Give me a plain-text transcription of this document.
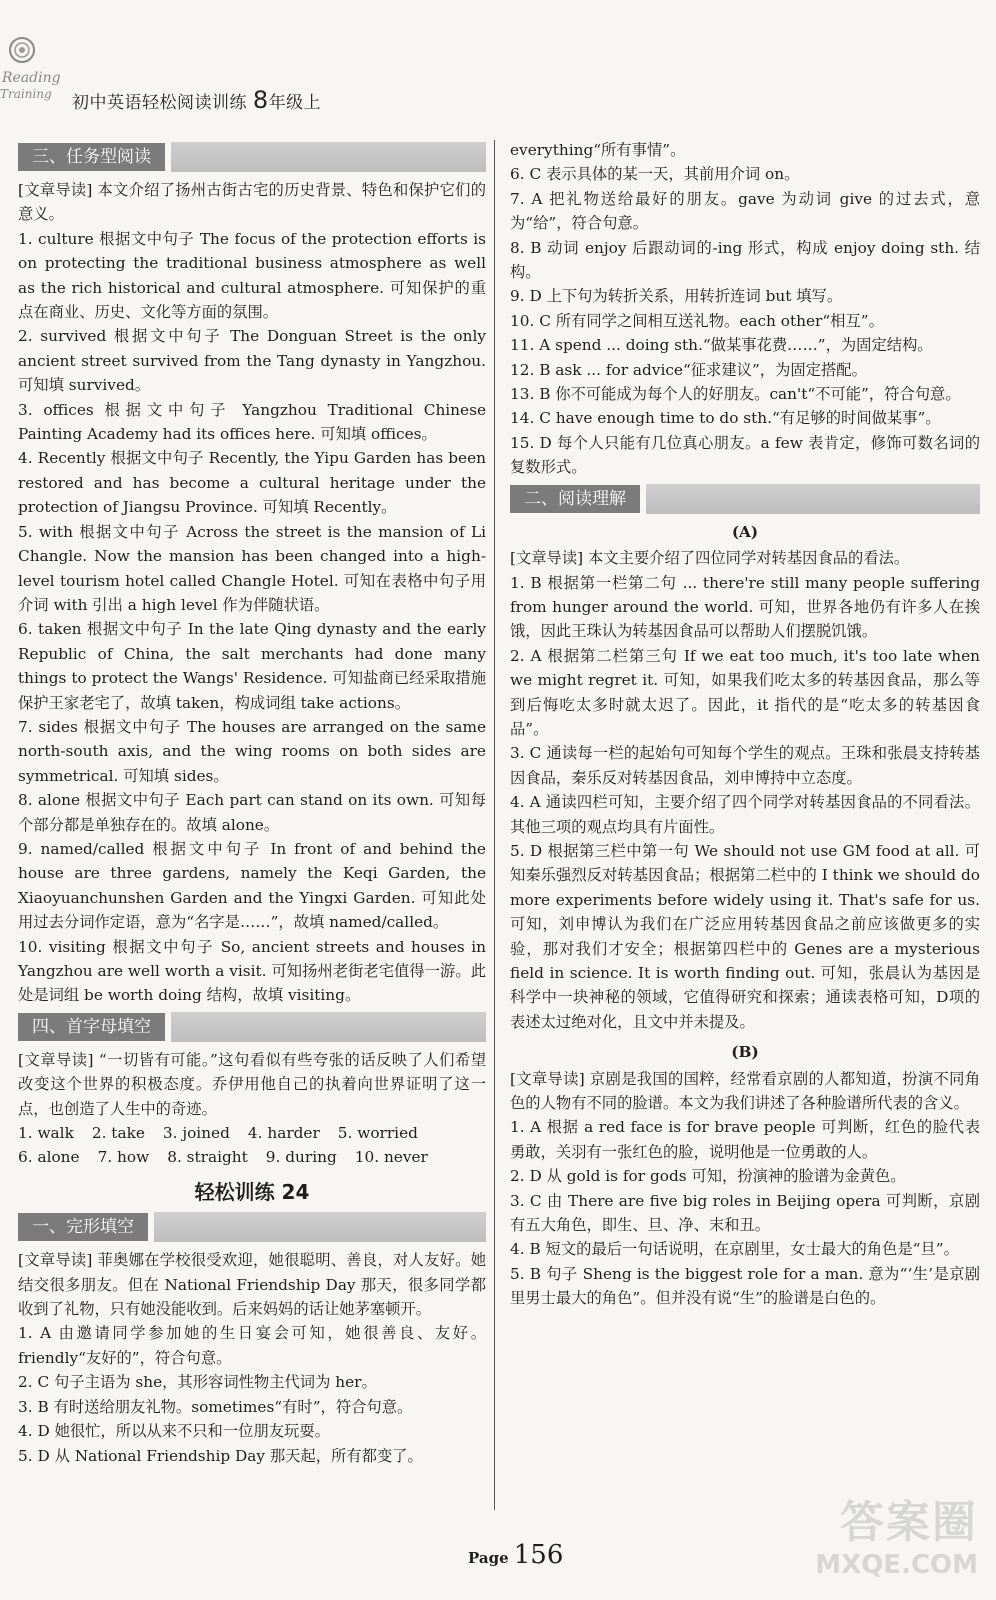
Reading
Training 初中英语轻松阅读训练 8年级上
三、任务型阅读

[文章导读] 本文介绍了扬州古街古宅的历史背景、特色和保护它们的意义。

1. culture 根据文中句子 The focus of the protection efforts is on protecting the traditional business atmosphere as well as the rich historical and cultural atmosphere. 可知保护的重点在商业、历史、文化等方面的氛围。

2. survived 根据文中句子 The Donguan Street is the only ancient street survived from the Tang dynasty in Yangzhou. 可知填 survived。

3. offices 根据文中句子 Yangzhou Traditional Chinese Painting Academy had its offices here. 可知填 offices。

4. Recently 根据文中句子 Recently, the Yipu Garden has been restored and has become a cultural heritage under the protection of Jiangsu Province. 可知填 Recently。

5. with 根据文中句子 Across the street is the mansion of Li Changle. Now the mansion has been changed into a high-level tourism hotel called Changle Hotel. 可知在表格中句子用介词 with 引出 a high level 作为伴随状语。

6. taken 根据文中句子 In the late Qing dynasty and the early Republic of China, the salt merchants had done many things to protect the Wangs' Residence. 可知盐商已经采取措施保护王家老宅了，故填 taken，构成词组 take actions。

7. sides 根据文中句子 The houses are arranged on the same north-south axis, and the wing rooms on both sides are symmetrical. 可知填 sides。

8. alone 根据文中句子 Each part can stand on its own. 可知每个部分都是单独存在的。故填 alone。

9. named/called 根据文中句子 In front of and behind the house are three gardens, namely the Keqi Garden, the Xiaoyuanchunshen Garden and the Yingxi Garden. 可知此处用过去分词作定语，意为“名字是……”，故填 named/called。

10. visiting 根据文中句子 So, ancient streets and houses in Yangzhou are well worth a visit. 可知扬州老街老宅值得一游。此处是词组 be worth doing 结构，故填 visiting。

四、首字母填空

[文章导读] “一切皆有可能。”这句看似有些夸张的话反映了人们希望改变这个世界的积极态度。乔伊用他自己的执着向世界证明了这一点，也创造了人生中的奇迹。

1. walk 2. take 3. joined 4. harder 5. worried
6. alone 7. how 8. straight 9. during 10. never
轻松训练 24
一、完形填空

[文章导读] 菲奥娜在学校很受欢迎，她很聪明、善良，对人友好。她结交很多朋友。但在 National Friendship Day 那天，很多同学都收到了礼物，只有她没能收到。后来妈妈的话让她茅塞顿开。

1. A 由邀请同学参加她的生日宴会可知，她很善良、友好。friendly“友好的”，符合句意。

2. C 句子主语为 she，其形容词性物主代词为 her。

3. B 有时送给朋友礼物。sometimes“有时”，符合句意。

4. D 她很忙，所以从来不只和一位朋友玩耍。

5. D 从 National Friendship Day 那天起，所有都变了。

everything“所有事情”。

6. C 表示具体的某一天，其前用介词 on。

7. A 把礼物送给最好的朋友。gave 为动词 give 的过去式，意为“给”，符合句意。

8. B 动词 enjoy 后跟动词的-ing 形式，构成 enjoy doing sth. 结构。

9. D 上下句为转折关系，用转折连词 but 填写。

10. C 所有同学之间相互送礼物。each other“相互”。

11. A spend ... doing sth.“做某事花费……”，为固定结构。

12. B ask ... for advice“征求建议”，为固定搭配。

13. B 你不可能成为每个人的好朋友。can't“不可能”，符合句意。

14. C have enough time to do sth.“有足够的时间做某事”。

15. D 每个人只能有几位真心朋友。a few 表肯定，修饰可数名词的复数形式。

二、阅读理解
(A)

[文章导读] 本文主要介绍了四位同学对转基因食品的看法。

1. B 根据第一栏第二句 ... there're still many people suffering from hunger around the world. 可知，世界各地仍有许多人在挨饿，因此王珠认为转基因食品可以帮助人们摆脱饥饿。

2. A 根据第二栏第三句 If we eat too much, it's too late when we might regret it. 可知，如果我们吃太多的转基因食品，那么等到后悔吃太多时就太迟了。因此，it 指代的是“吃太多的转基因食品”。

3. C 通读每一栏的起始句可知每个学生的观点。王珠和张晨支持转基因食品，秦乐反对转基因食品，刘申博持中立态度。

4. A 通读四栏可知，主要介绍了四个同学对转基因食品的不同看法。其他三项的观点均具有片面性。

5. D 根据第三栏中第一句 We should not use GM food at all. 可知秦乐强烈反对转基因食品；根据第二栏中的 I think we should do more experiments before widely using it. That's safe for us. 可知，刘申博认为我们在广泛应用转基因食品之前应该做更多的实验，那对我们才安全；根据第四栏中的 Genes are a mysterious field in science. It is worth finding out. 可知，张晨认为基因是科学中一块神秘的领域，它值得研究和探索；通读表格可知，D项的表述太过绝对化，且文中并未提及。

(B)

[文章导读] 京剧是我国的国粹，经常看京剧的人都知道，扮演不同角色的人物有不同的脸谱。本文为我们讲述了各种脸谱所代表的含义。

1. A 根据 a red face is for brave people 可判断，红色的脸代表勇敢，关羽有一张红色的脸，说明他是一位勇敢的人。

2. D 从 gold is for gods 可知，扮演神的脸谱为金黄色。

3. C 由 There are five big roles in Beijing opera 可判断，京剧有五大角色，即生、旦、净、末和丑。

4. B 短文的最后一句话说明，在京剧里，女士最大的角色是“旦”。

5. B 句子 Sheng is the biggest role for a man. 意为“‘生’是京剧里男士最大的角色”。但并没有说“生”的脸谱是白色的。

Page 156
答案圈
MXQE.COM
